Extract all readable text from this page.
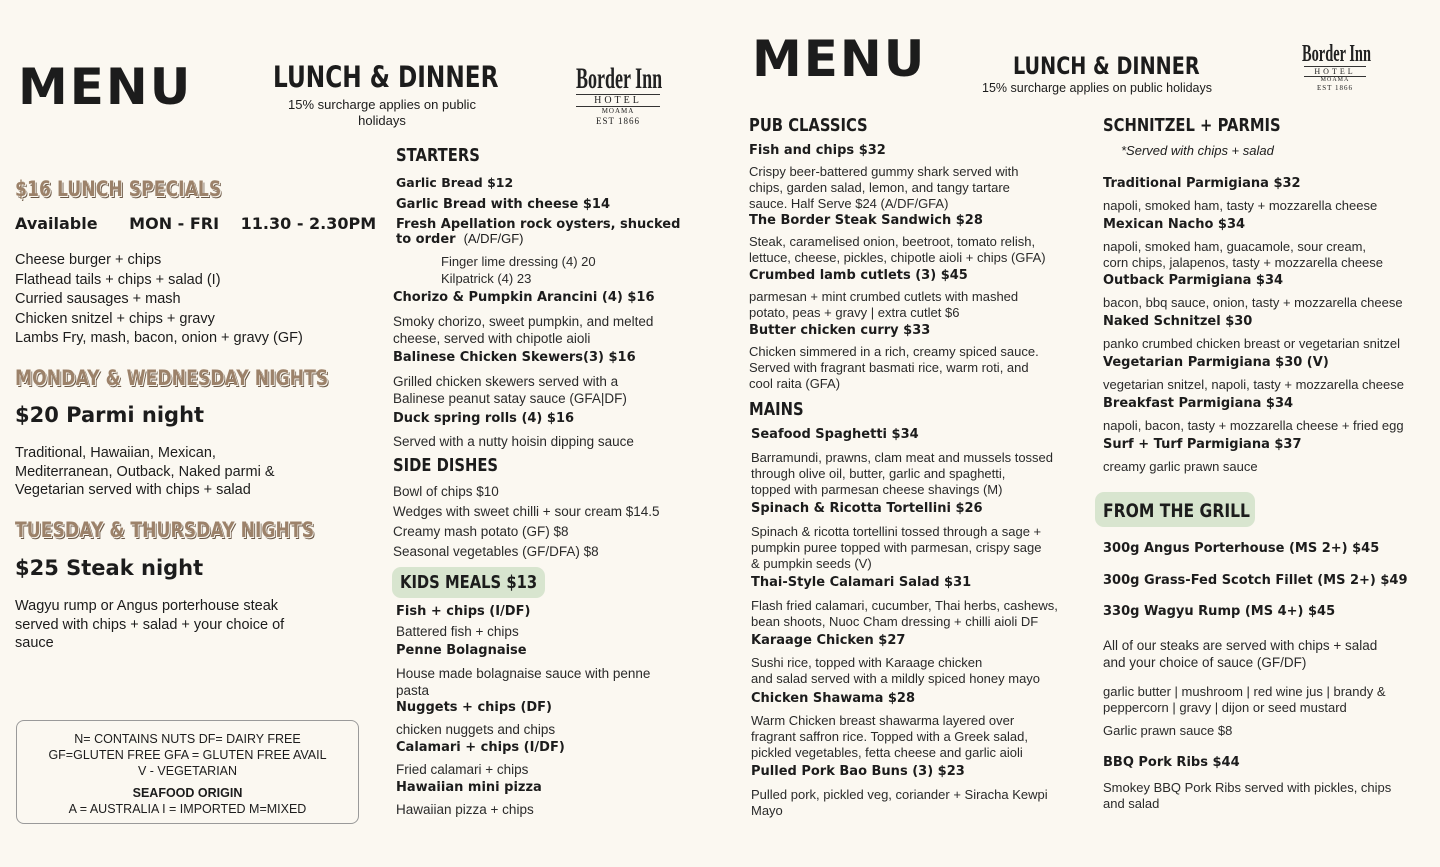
MENU	LUNCH & DINNER
15% surcharge applies on public
holidays
Border Inn
HOTEL
MOAMA
EST 1866
$16 LUNCH SPECIALS
Available MON - FRI 11.30 - 2.30PM
Cheese burger + chips
Flathead tails + chips + salad (I)
Curried sausages + mash
Chicken snitzel + chips + gravy
Lambs Fry, mash, bacon, onion + gravy (GF)
MONDAY & WEDNESDAY NIGHTS
$20 Parmi night
Traditional, Hawaiian, Mexican,
Mediterranean, Outback, Naked parmi &
Vegetarian served with chips + salad
TUESDAY & THURSDAY NIGHTS
$25 Steak night
Wagyu rump or Angus porterhouse steak
served with chips + salad + your choice of
sauce
N= CONTAINS NUTS DF= DAIRY FREE
GF=GLUTEN FREE GFA = GLUTEN FREE AVAIL
V - VEGETARIAN
SEAFOOD ORIGIN
A = AUSTRALIA I = IMPORTED M=MIXED
STARTERS
Garlic Bread $12
Garlic Bread with cheese $14
Fresh Apellation rock oysters, shucked
to order (A/DF/GF)
Finger lime dressing (4) 20
Kilpatrick (4) 23
Chorizo & Pumpkin Arancini (4) $16
Smoky chorizo, sweet pumpkin, and melted
cheese, served with chipotle aioli
Balinese Chicken Skewers(3) $16
Grilled chicken skewers served with a
Balinese peanut satay sauce (GFA|DF)
Duck spring rolls (4) $16
Served with a nutty hoisin dipping sauce
SIDE DISHES
Bowl of chips $10
Wedges with sweet chilli + sour cream $14.5
Creamy mash potato (GF) $8
Seasonal vegetables (GF/DFA) $8
KIDS MEALS $13
Fish + chips (I/DF)
Battered fish + chips
Penne Bolagnaise
House made bolagnaise sauce with penne
pasta
Nuggets + chips (DF)
chicken nuggets and chips
Calamari + chips (I/DF)
Fried calamari + chips
Hawaiian mini pizza
Hawaiian pizza + chips
MENU	LUNCH & DINNER
15% surcharge applies on public holidays
Border Inn
HOTEL
MOAMA
EST 1866
PUB CLASSICS
Fish and chips $32
Crispy beer-battered gummy shark served with
chips, garden salad, lemon, and tangy tartare
sauce. Half Serve $24 (A/DF/GFA)
The Border Steak Sandwich $28
Steak, caramelised onion, beetroot, tomato relish,
lettuce, cheese, pickles, chipotle aioli + chips (GFA)
Crumbed lamb cutlets (3) $45
parmesan + mint crumbed cutlets with mashed
potato, peas + gravy | extra cutlet $6
Butter chicken curry $33
Chicken simmered in a rich, creamy spiced sauce.
Served with fragrant basmati rice, warm roti, and
cool raita (GFA)
MAINS
Seafood Spaghetti $34
Barramundi, prawns, clam meat and mussels tossed
through olive oil, butter, garlic and spaghetti,
topped with parmesan cheese shavings (M)
Spinach & Ricotta Tortellini $26
Spinach & ricotta tortellini tossed through a sage +
pumpkin puree topped with parmesan, crispy sage
& pumpkin seeds (V)
Thai-Style Calamari Salad $31
Flash fried calamari, cucumber, Thai herbs, cashews,
bean shoots, Nuoc Cham dressing + chilli aioli DF
Karaage Chicken $27
Sushi rice, topped with Karaage chicken
and salad served with a mildly spiced honey mayo
Chicken Shawama $28
Warm Chicken breast shawarma layered over
fragrant saffron rice. Topped with a Greek salad,
pickled vegetables, fetta cheese and garlic aioli
Pulled Pork Bao Buns (3) $23
Pulled pork, pickled veg, coriander + Siracha Kewpi
Mayo
SCHNITZEL + PARMIS
*Served with chips + salad
Traditional Parmigiana $32
napoli, smoked ham, tasty + mozzarella cheese
Mexican Nacho $34
napoli, smoked ham, guacamole, sour cream,
corn chips, jalapenos, tasty + mozzarella cheese
Outback Parmigiana $34
bacon, bbq sauce, onion, tasty + mozzarella cheese
Naked Schnitzel $30
panko crumbed chicken breast or vegetarian snitzel
Vegetarian Parmigiana $30 (V)
vegetarian snitzel, napoli, tasty + mozzarella cheese
Breakfast Parmigiana $34
napoli, bacon, tasty + mozzarella cheese + fried egg
Surf + Turf Parmigiana $37
creamy garlic prawn sauce
FROM THE GRILL
300g Angus Porterhouse (MS 2+) $45
300g Grass-Fed Scotch Fillet (MS 2+) $49
330g Wagyu Rump (MS 4+) $45
All of our steaks are served with chips + salad
and your choice of sauce (GF/DF)
garlic butter | mushroom | red wine jus | brandy &
peppercorn | gravy | dijon or seed mustard
Garlic prawn sauce $8
BBQ Pork Ribs $44
Smokey BBQ Pork Ribs served with pickles, chips
and salad
